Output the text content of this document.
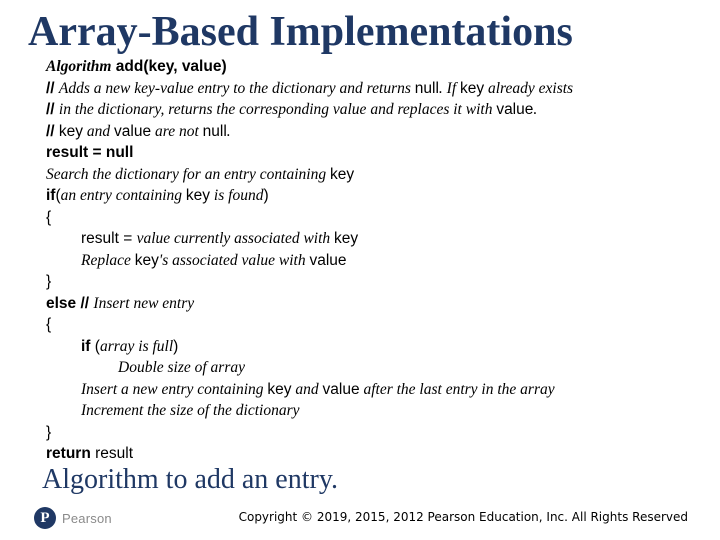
Array-Based Implementations
Algorithm add(key, value)
// Adds a new key-value entry to the dictionary and returns null. If key already exists
// in the dictionary, returns the corresponding value and replaces it with value.
// key and value are not null.
result = null
Search the dictionary for an entry containing key
if(an entry containing key is found)
{
result = value currently associated with key
Replace key's associated value with value
}
else // Insert new entry
{
if (array is full)
Double size of array
Insert a new entry containing key and value after the last entry in the array
Increment the size of the dictionary
}
return result
Algorithm to add an entry.
P Pearson	Copyright © 2019, 2015, 2012 Pearson Education, Inc. All Rights Reserved
